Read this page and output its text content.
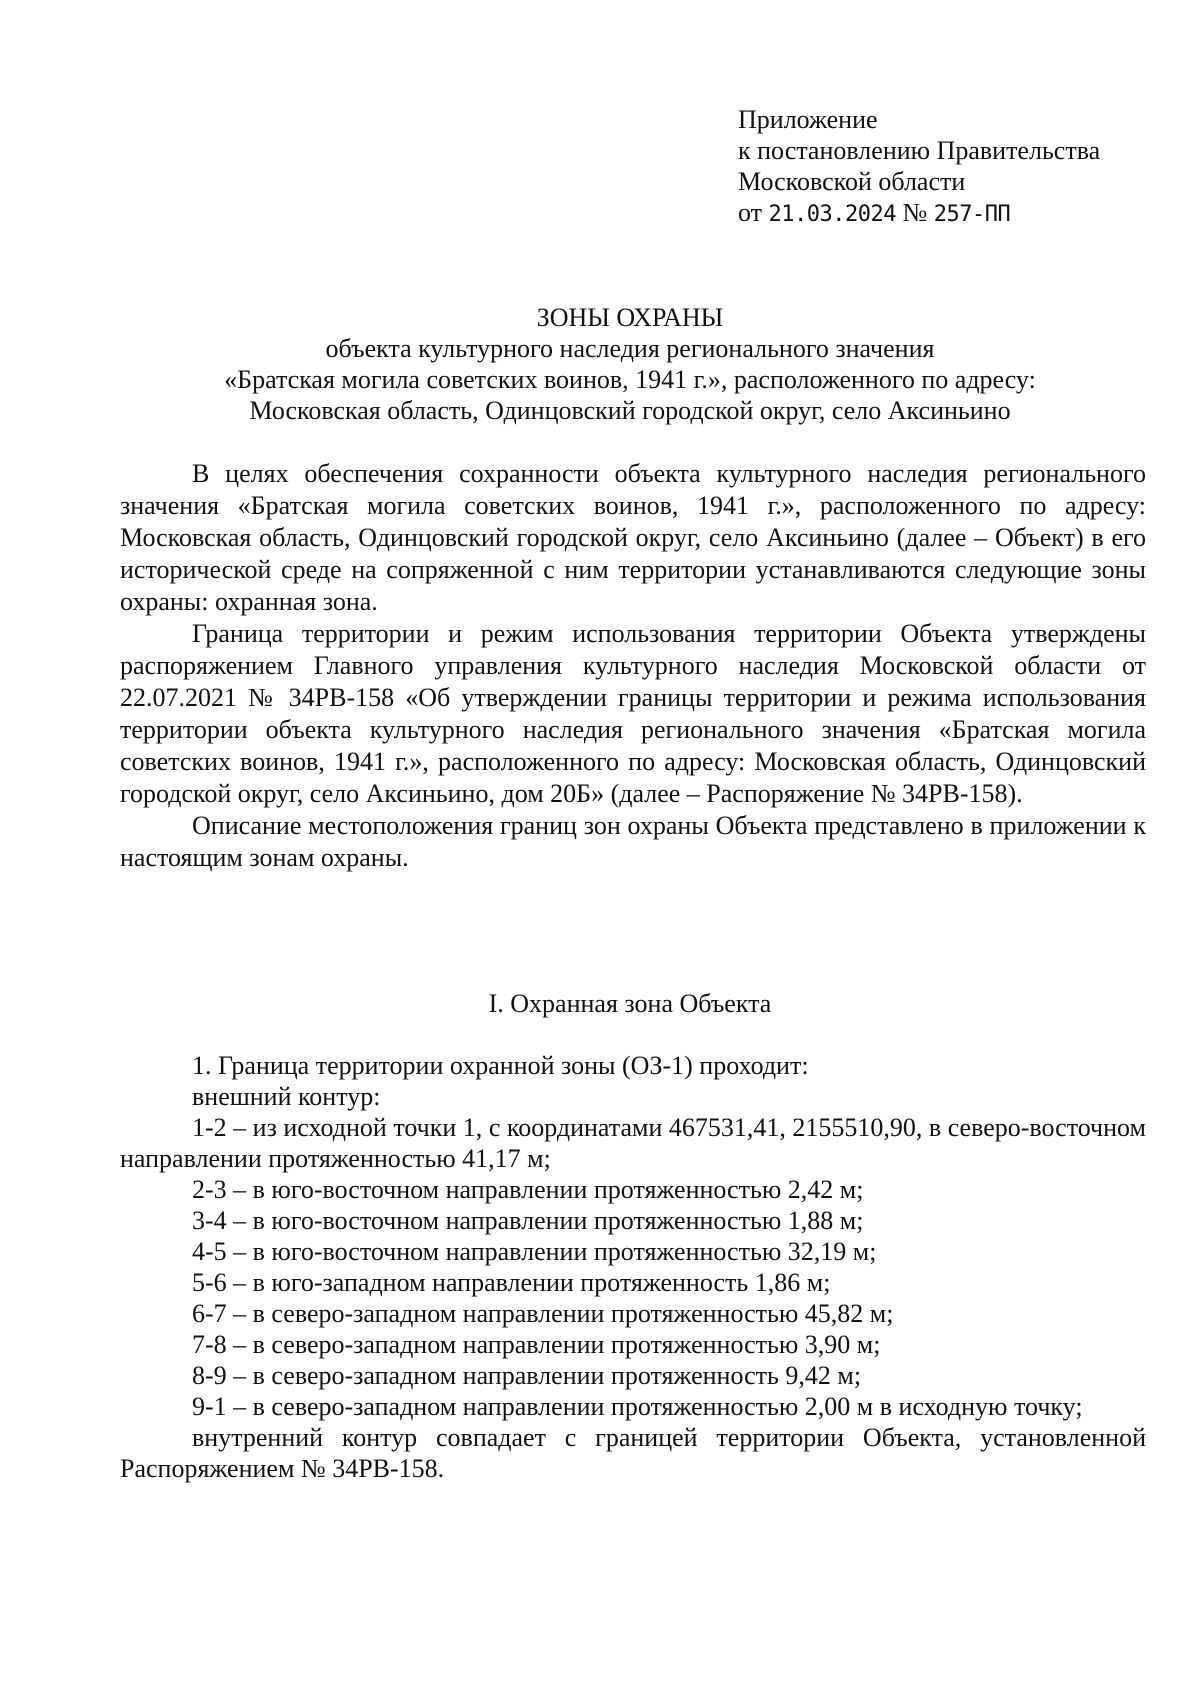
Приложение
к постановлению Правительства
Московской области
от 21.03.2024 № 257-ПП
ЗОНЫ ОХРАНЫ
объекта культурного наследия регионального значения
«Братская могила советских воинов, 1941 г.», расположенного по адресу:
Московская область, Одинцовский городской округ, село Аксиньино

В целях обеспечения сохранности объекта культурного наследия регионального значения «Братская могила советских воинов, 1941 г.», расположенного по адресу: Московская область, Одинцовский городской округ, село Аксиньино (далее – Объект) в его исторической среде на сопряженной с ним территории устанавливаются следующие зоны охраны: охранная зона.

Граница территории и режим использования территории Объекта утверждены распоряжением Главного управления культурного наследия Московской области от 22.07.2021 № 34РВ-158 «Об утверждении границы территории и режима использования территории объекта культурного наследия регионального значения «Братская могила советских воинов, 1941 г.», расположенного по адресу: Московская область, Одинцовский городской округ, село Аксиньино, дом 20Б» (далее – Распоряжение № 34РВ-158).

Описание местоположения границ зон охраны Объекта представлено в приложении к настоящим зонам охраны.

I. Охранная зона Объекта

1. Граница территории охранной зоны (ОЗ-1) проходит:

внешний контур:

1-2 – из исходной точки 1, с координатами 467531,41, 2155510,90, в северо-восточном направлении протяженностью 41,17 м;

2-3 – в юго-восточном направлении протяженностью 2,42 м;

3-4 – в юго-восточном направлении протяженностью 1,88 м;

4-5 – в юго-восточном направлении протяженностью 32,19 м;

5-6 – в юго-западном направлении протяженность 1,86 м;

6-7 – в северо-западном направлении протяженностью 45,82 м;

7-8 – в северо-западном направлении протяженностью 3,90 м;

8-9 – в северо-западном направлении протяженность 9,42 м;

9-1 – в северо-западном направлении протяженностью 2,00 м в исходную точку;

внутренний контур совпадает с границей территории Объекта, установленной Распоряжением № 34РВ-158.
